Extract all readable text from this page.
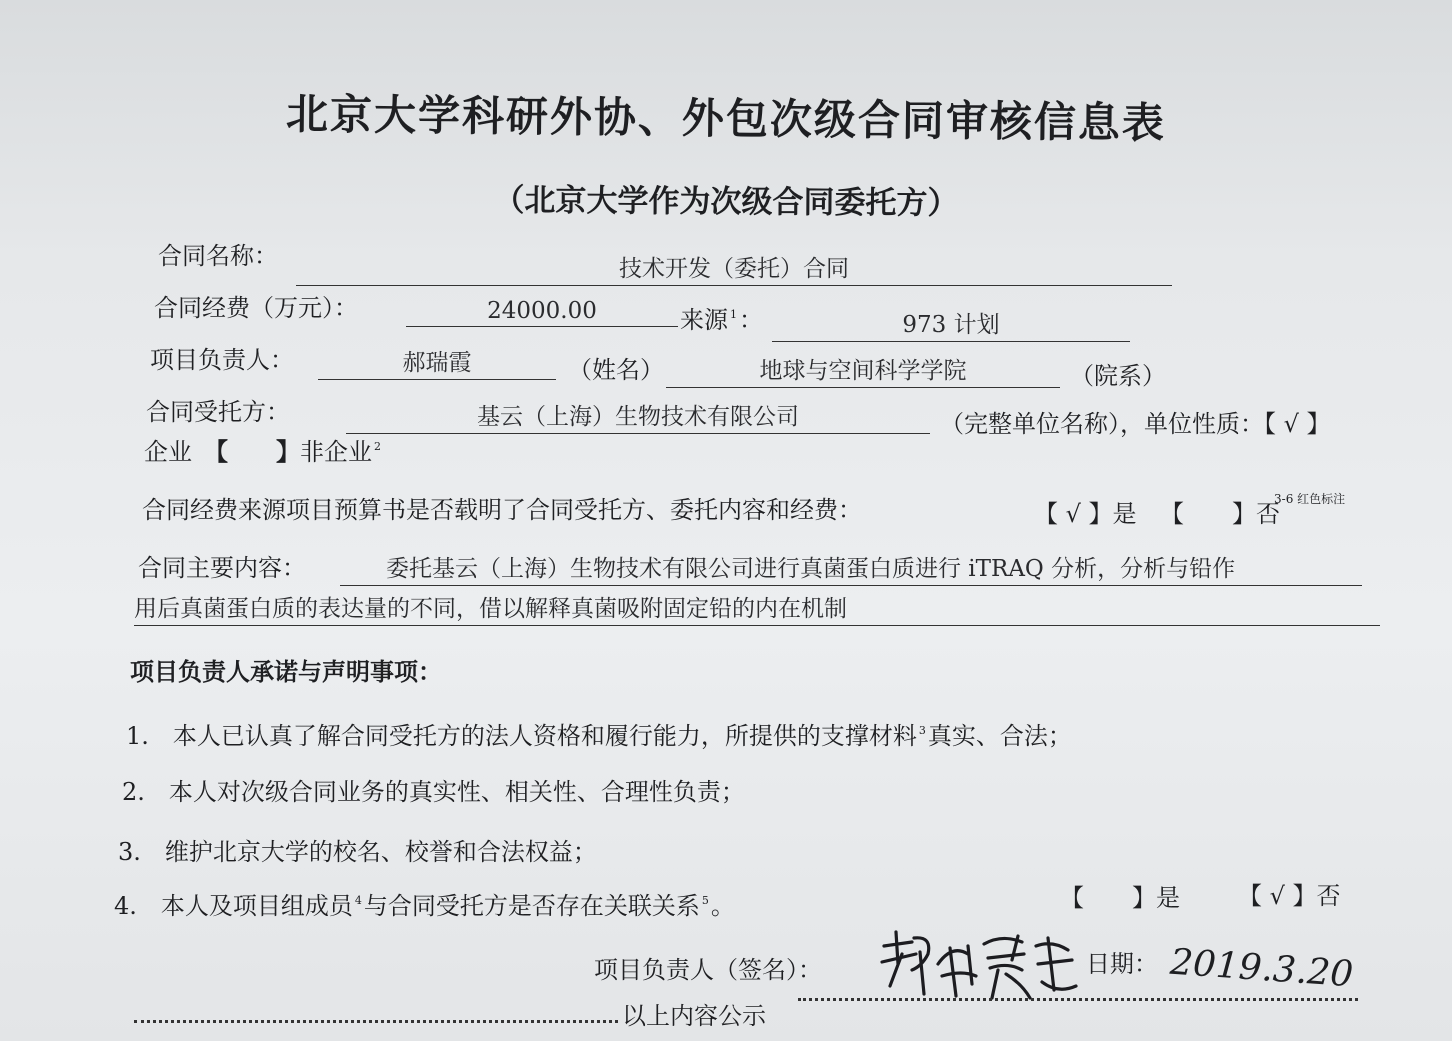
北京大学科研外协、外包次级合同审核信息表
（北京大学作为次级合同委托方）
合同名称：	技术开发（委托）合同
合同经费（万元）：	24000.00	来源 $^1$：	973 计划
项目负责人：	郝瑞霞	（姓名）	地球与空间科学学院	（院系）
合同受托方：	基云（上海）生物技术有限公司	（完整单位名称），单位性质：【 √ 】
企业　 【　　】非企业 $^2$
合同经费来源项目预算书是否载明了合同受托方、委托内容和经费：	【 √ 】是 【　　】否
3-6 红色标注
合同主要内容：	委托基云（上海）生物技术有限公司进行真菌蛋白质进行 iTRAQ 分析，分析与铅作
用后真菌蛋白质的表达量的不同，借以解释真菌吸附固定铅的内在机制
项目负责人承诺与声明事项：
1.　 本人已认真了解合同受托方的法人资格和履行能力，所提供的支撑材料 $^3$真实、合法；
2.　 本人对次级合同业务的真实性、相关性、合理性负责；
3.　 维护北京大学的校名、校誉和合法权益；
4.　 本人及项目组成员 $^4$与合同受托方是否存在关联关系 $^5$。	【　　】是 【 √ 】否
项目负责人（签名）：	日期： 2019.3.20
以上内容公示
